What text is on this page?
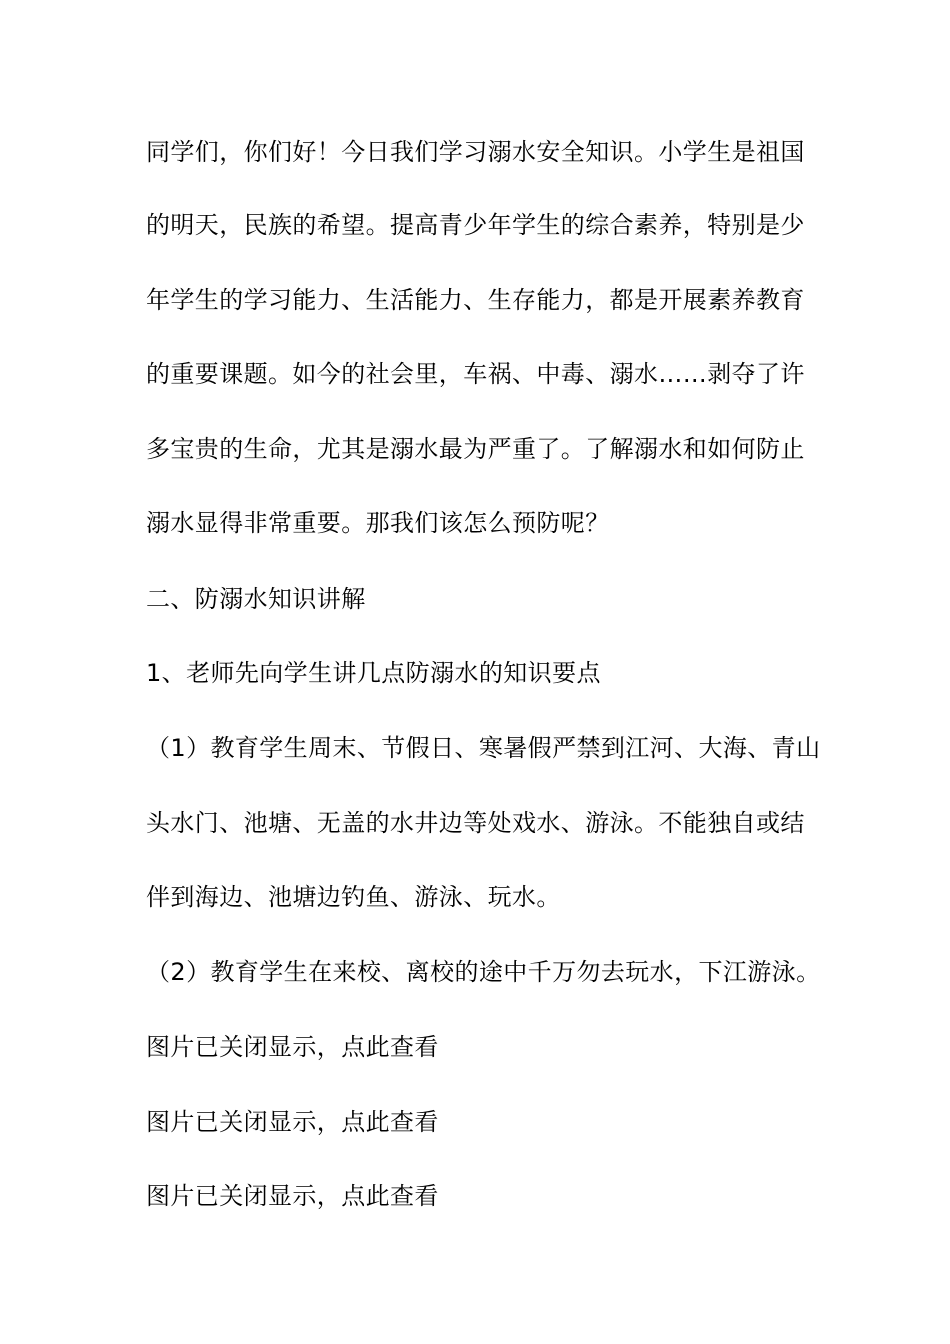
同学们，你们好！今日我们学习溺水安全知识。小学生是祖国
的明天，民族的希望。提高青少年学生的综合素养，特别是少
年学生的学习能力、生活能力、生存能力，都是开展素养教育
的重要课题。如今的社会里，车祸、中毒、溺水……剥夺了许
多宝贵的生命，尤其是溺水最为严重了。了解溺水和如何防止
溺水显得非常重要。那我们该怎么预防呢？
二、防溺水知识讲解
1、老师先向学生讲几点防溺水的知识要点
（1）教育学生周末、节假日、寒暑假严禁到江河、大海、青山
头水门、池塘、无盖的水井边等处戏水、游泳。不能独自或结
伴到海边、池塘边钓鱼、游泳、玩水。
（2）教育学生在来校、离校的途中千万勿去玩水，下江游泳。
图片已关闭显示，点此查看
图片已关闭显示，点此查看
图片已关闭显示，点此查看
